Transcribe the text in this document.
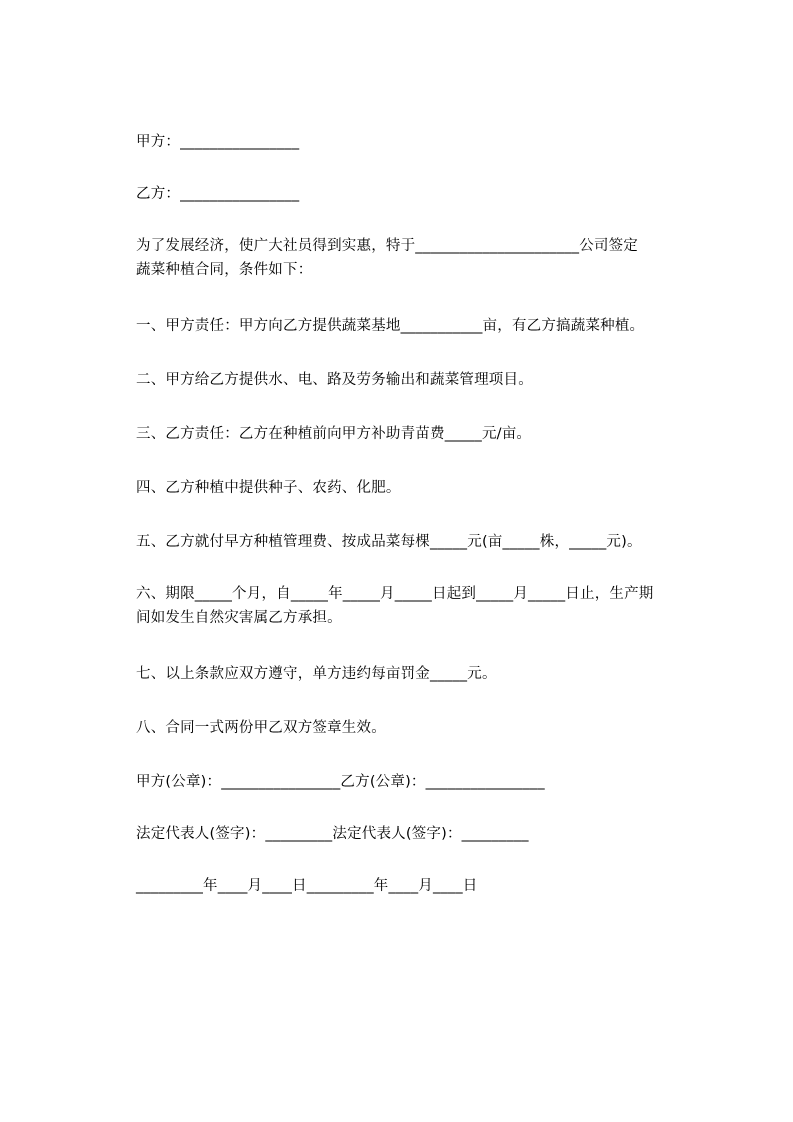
甲方：________________
乙方：________________
为了发展经济，使广大社员得到实惠，特于______________________公司签定
蔬菜种植合同，条件如下：
一、甲方责任：甲方向乙方提供蔬菜基地___________亩，有乙方搞蔬菜种植。
二、甲方给乙方提供水、电、路及劳务输出和蔬菜管理项目。
三、乙方责任：乙方在种植前向甲方补助青苗费_____元/亩。
四、乙方种植中提供种子、农药、化肥。
五、乙方就付早方种植管理费、按成品菜每棵_____元(亩_____株，_____元)。
六、期限_____个月，自_____年_____月_____日起到_____月_____日止，生产期
间如发生自然灾害属乙方承担。
七、以上条款应双方遵守，单方违约每亩罚金_____元。
八、合同一式两份甲乙双方签章生效。
甲方(公章)：________________乙方(公章)：________________
法定代表人(签字)：_________法定代表人(签字)：_________
_________年____月____日_________年____月____日
